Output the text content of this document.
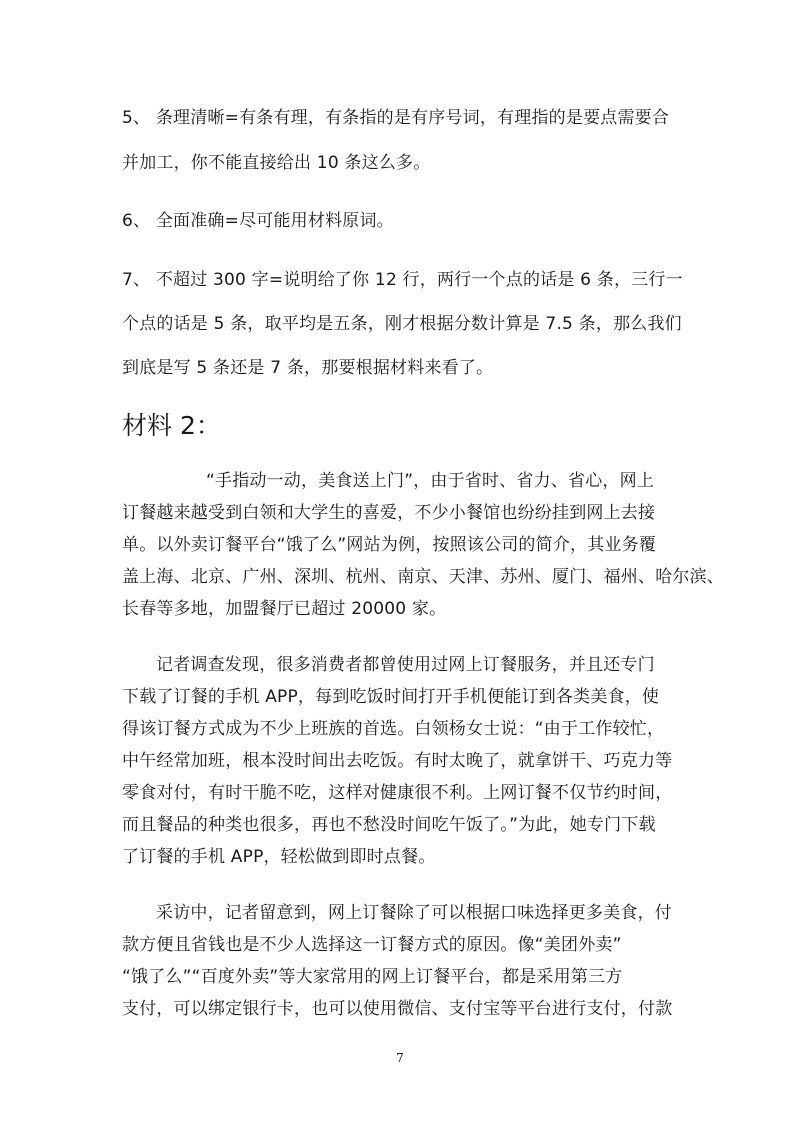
5、 条理清晰=有条有理，有条指的是有序号词，有理指的是要点需要合
并加工，你不能直接给出 10 条这么多。
6、 全面准确=尽可能用材料原词。
7、 不超过 300 字=说明给了你 12 行，两行一个点的话是 6 条，三行一
个点的话是 5 条，取平均是五条，刚才根据分数计算是 7.5 条，那么我们
到底是写 5 条还是 7 条，那要根据材料来看了。
材料 2：
“手指动一动，美食送上门”，由于省时、省力、省心，网上
订餐越来越受到白领和大学生的喜爱，不少小餐馆也纷纷挂到网上去接
单。以外卖订餐平台“饿了么”网站为例，按照该公司的简介，其业务覆
盖上海、北京、广州、深圳、杭州、南京、天津、苏州、厦门、福州、哈尔滨、
长春等多地，加盟餐厅已超过 20000 家。
记者调查发现，很多消费者都曾使用过网上订餐服务，并且还专门
下载了订餐的手机 APP，每到吃饭时间打开手机便能订到各类美食，使
得该订餐方式成为不少上班族的首选。白领杨女士说：“由于工作较忙，
中午经常加班，根本没时间出去吃饭。有时太晚了，就拿饼干、巧克力等
零食对付，有时干脆不吃，这样对健康很不利。上网订餐不仅节约时间，
而且餐品的种类也很多，再也不愁没时间吃午饭了。”为此，她专门下载
了订餐的手机 APP，轻松做到即时点餐。
采访中，记者留意到，网上订餐除了可以根据口味选择更多美食，付
款方便且省钱也是不少人选择这一订餐方式的原因。像“美团外卖”
“饿了么”“百度外卖”等大家常用的网上订餐平台，都是采用第三方
支付，可以绑定银行卡，也可以使用微信、支付宝等平台进行支付，付款
7
